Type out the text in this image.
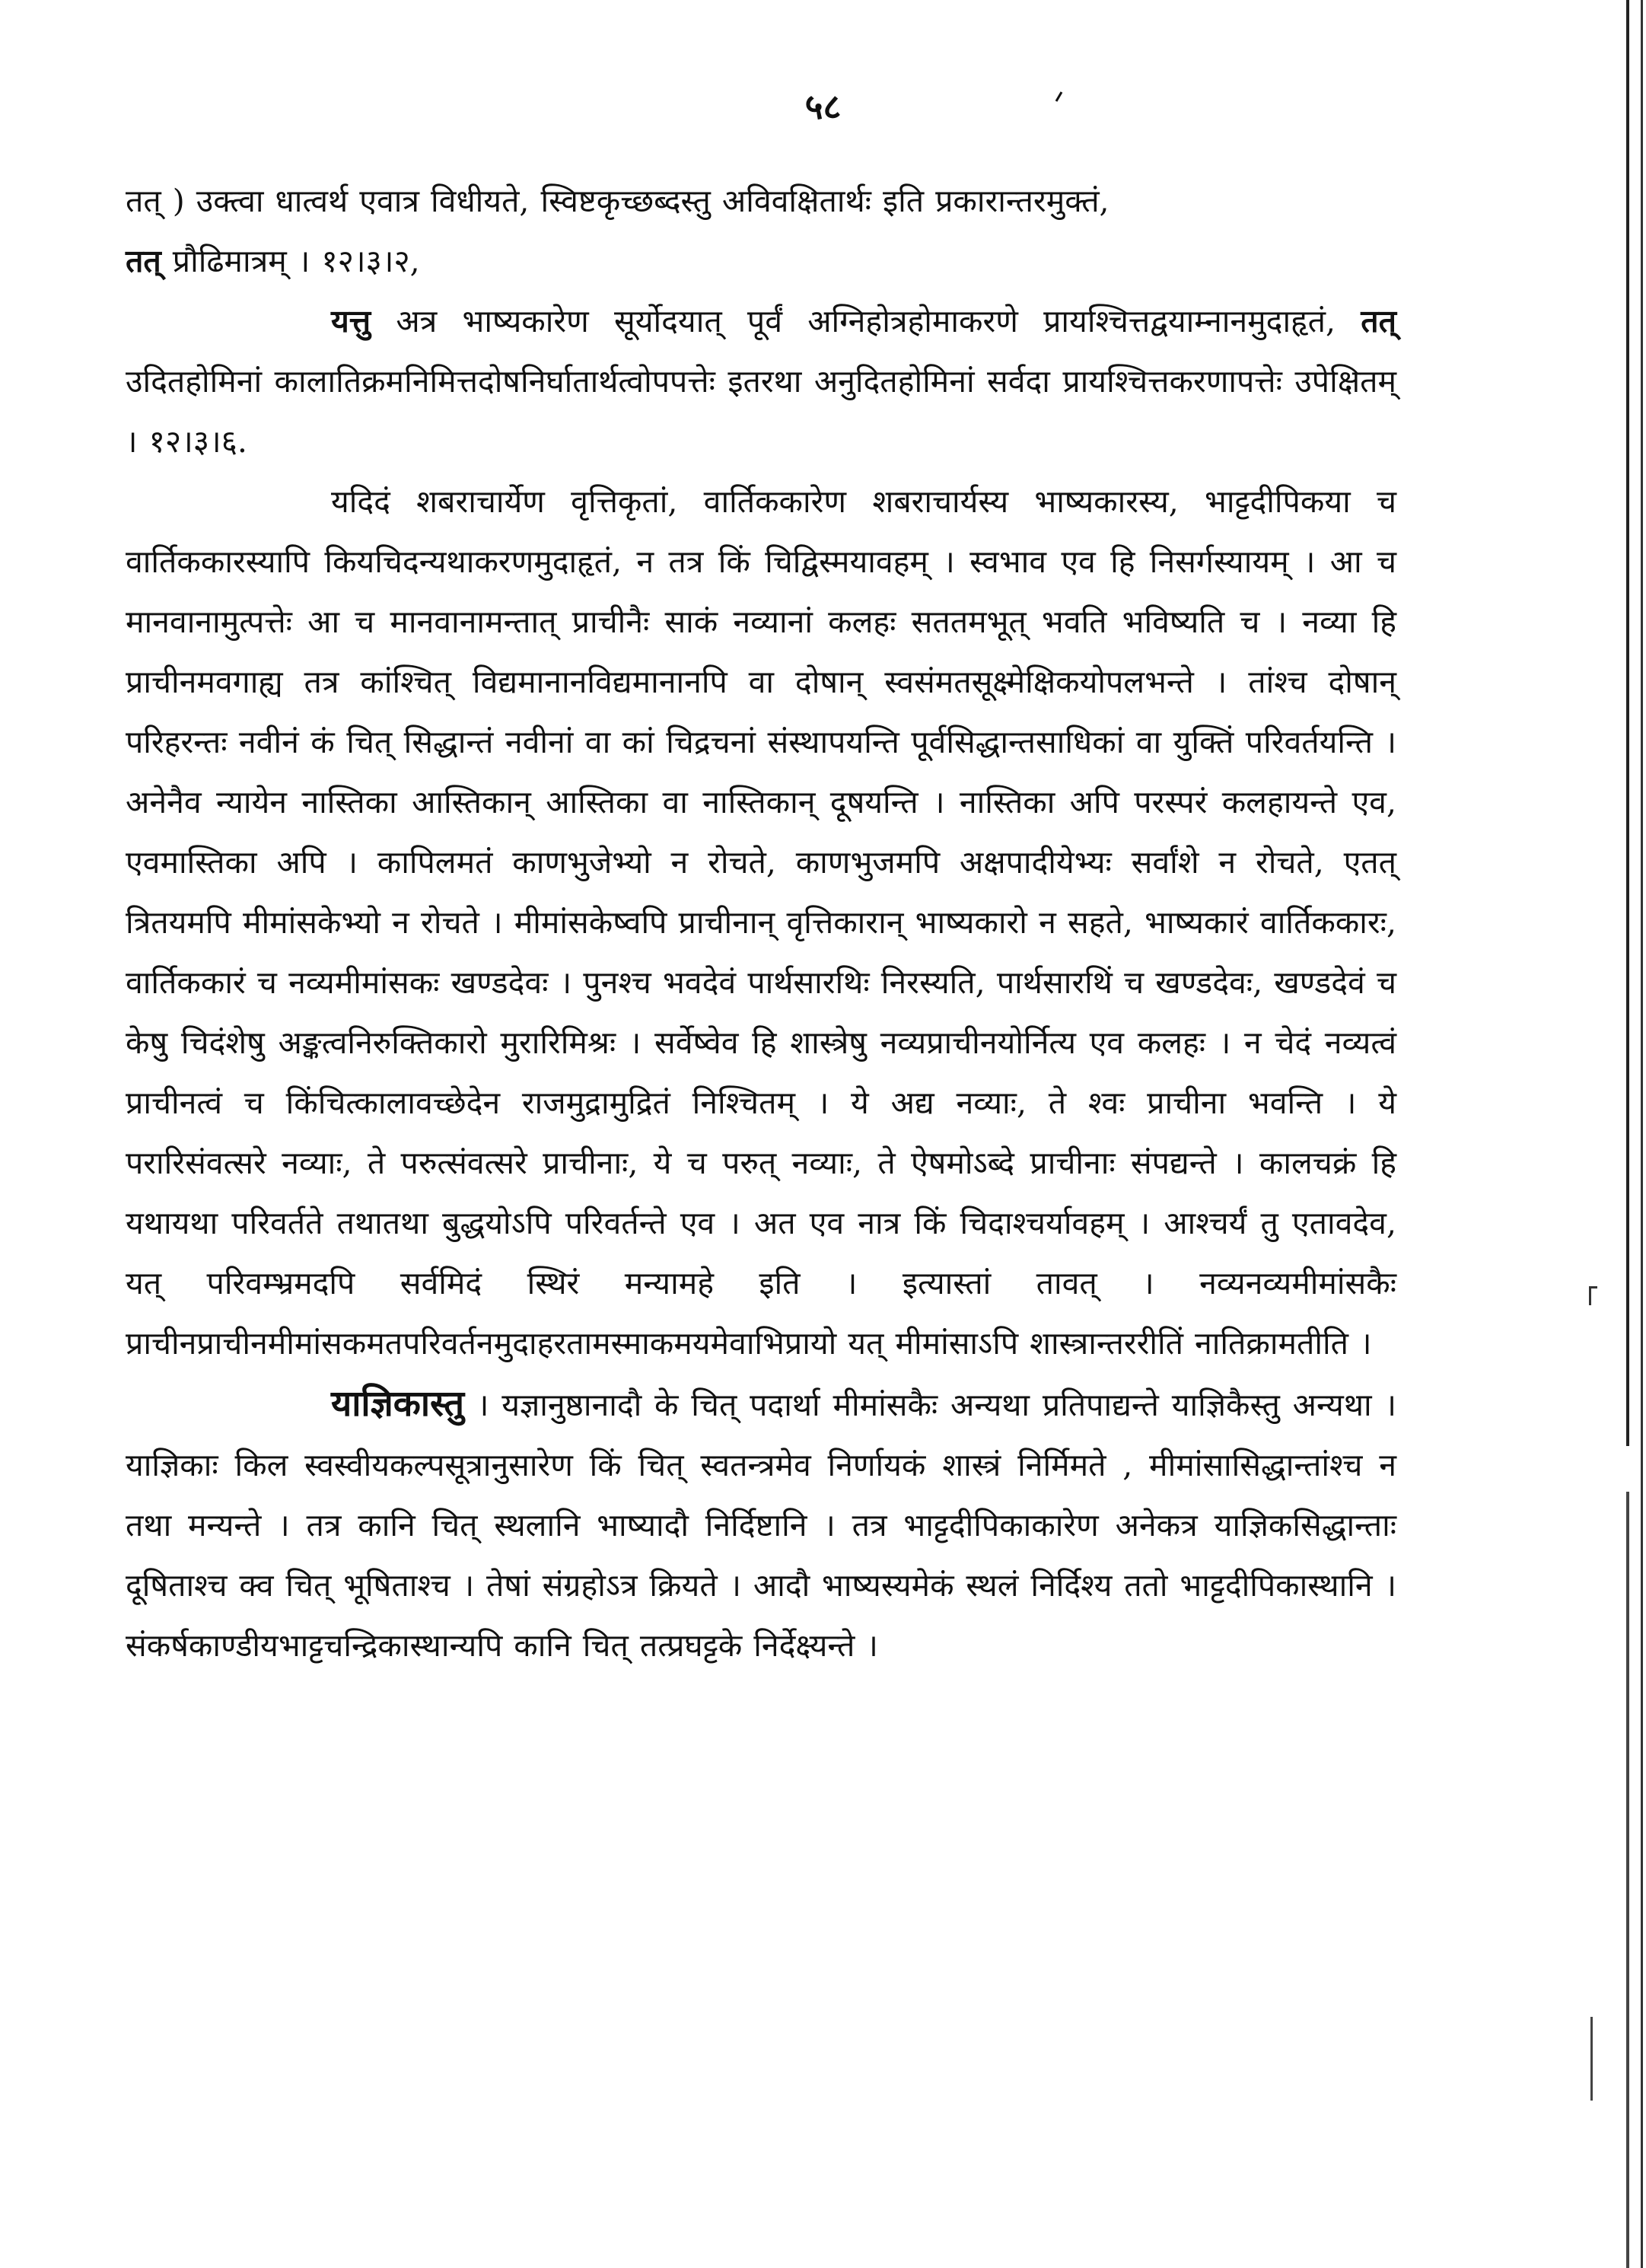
५८

तत् ) उक्त्वा धात्वर्थ एवात्र विधीयते, स्विष्टकृच्छब्दस्तु अविवक्षितार्थः इति प्रकारान्तरमुक्तं,
तत् प्रौढिमात्रम् । १२।३।२,

यत्तु अत्र भाष्यकारेण सूर्योदयात् पूर्वं अग्निहोत्रहोमाकरणे प्रायश्चित्तद्वयाम्नानमुदाहृतं, तत् उदितहोमिनां कालातिक्रमनिमित्तदोषनिर्घातार्थत्वोपपत्तेः इतरथा अनुदितहोमिनां सर्वदा प्रायश्चित्तकरणापत्तेः उपेक्षितम् । १२।३।६.

यदिदं शबराचार्येण वृत्तिकृतां, वार्तिककारेण शबराचार्यस्य भाष्यकारस्य, भाट्टदीपिकया च वार्तिककारस्यापि कियचिदन्यथाकरणमुदाहृतं, न तत्र किं चिद्विस्मयावहम् । स्वभाव एव हि निसर्गस्यायम् । आ च मानवानामुत्पत्तेः आ च मानवानामन्तात् प्राचीनैः साकं नव्यानां कलहः सततमभूत् भवति भविष्यति च । नव्या हि प्राचीनमवगाह्य तत्र कांश्चित् विद्यमानानविद्यमानानपि वा दोषान् स्वसंमतसूक्ष्मेक्षिकयोपलभन्ते । तांश्च दोषान् परिहरन्तः नवीनं कं चित् सिद्धान्तं नवीनां वा कां चिद्रचनां संस्थापयन्ति पूर्वसिद्धान्तसाधिकां वा युक्तिं परिवर्तयन्ति । अनेनैव न्यायेन नास्तिका आस्तिकान् आस्तिका वा नास्तिकान् दूषयन्ति । नास्तिका अपि परस्परं कलहायन्ते एव, एवमास्तिका अपि । कापिलमतं काणभुजेभ्यो न रोचते, काणभुजमपि अक्षपादीयेभ्यः सर्वांशे न रोचते, एतत् त्रितयमपि मीमांसकेभ्यो न रोचते । मीमांसकेष्वपि प्राचीनान् वृत्तिकारान् भाष्यकारो न सहते, भाष्यकारं वार्तिककारः, वार्तिककारं च नव्यमीमांसकः खण्डदेवः । पुनश्च भवदेवं पार्थसारथिः निरस्यति, पार्थसारथिं च खण्डदेवः, खण्डदेवं च केषु चिदंशेषु अङ्कत्वनिरुक्तिकारो मुरारिमिश्रः । सर्वेष्वेव हि शास्त्रेषु नव्यप्राचीनयोर्नित्य एव कलहः । न चेदं नव्यत्वं प्राचीनत्वं च किंचित्कालावच्छेदेन राजमुद्रामुद्रितं निश्चितम् । ये अद्य नव्याः, ते श्वः प्राचीना भवन्ति । ये परारिसंवत्सरे नव्याः, ते परुत्संवत्सरे प्राचीनाः, ये च परुत् नव्याः, ते ऐषमोऽब्दे प्राचीनाः संपद्यन्ते । कालचक्रं हि यथायथा परिवर्तते तथातथा बुद्धयोऽपि परिवर्तन्ते एव । अत एव नात्र किं चिदाश्चर्यावहम् । आश्चर्यं तु एतावदेव, यत् परिवम्भ्रमदपि सर्वमिदं स्थिरं मन्यामहे इति । इत्यास्तां तावत् । नव्यनव्यमीमांसकैः प्राचीनप्राचीनमीमांसकमतपरिवर्तनमुदाहरतामस्माकमयमेवाभिप्रायो यत् मीमांसाऽपि शास्त्रान्तररीतिं नातिक्रामतीति ।

याज्ञिकास्तु । यज्ञानुष्ठानादौ के चित् पदार्था मीमांसकैः अन्यथा प्रतिपाद्यन्ते याज्ञिकैस्तु अन्यथा । याज्ञिकाः किल स्वस्वीयकल्पसूत्रानुसारेण किं चित् स्वतन्त्रमेव निर्णायकं शास्त्रं निर्मिमते , मीमांसासिद्धान्तांश्च न तथा मन्यन्ते । तत्र कानि चित् स्थलानि भाष्यादौ निर्दिष्टानि । तत्र भाट्टदीपिकाकारेण अनेकत्र याज्ञिकसिद्धान्ताः दूषिताश्च क्व चित् भूषिताश्च । तेषां संग्रहोऽत्र क्रियते । आदौ भाष्यस्यमेकं स्थलं निर्दिश्य ततो भाट्टदीपिकास्थानि । संकर्षकाण्डीयभाट्टचन्द्रिकास्थान्यपि कानि चित् तत्प्रघट्टके निर्देक्ष्यन्ते ।
